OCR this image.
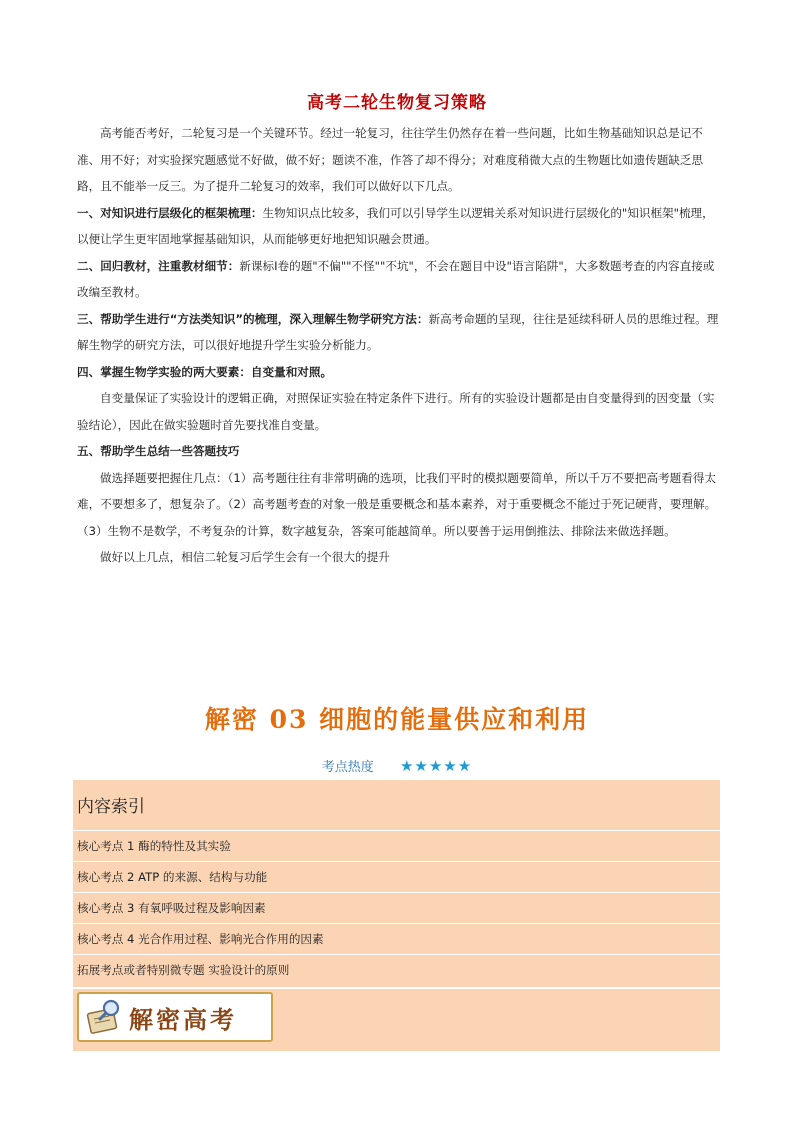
高考二轮生物复习策略

高考能否考好，二轮复习是一个关键环节。经过一轮复习，往往学生仍然存在着一些问题，比如生物基础知识总是记不准、用不好；对实验探究题感觉不好做，做不好；题读不准，作答了却不得分；对难度稍微大点的生物题比如遗传题缺乏思路，且不能举一反三。为了提升二轮复习的效率，我们可以做好以下几点。

一、对知识进行层级化的框架梳理：生物知识点比较多，我们可以引导学生以逻辑关系对知识进行层级化的"知识框架"梳理，以便让学生更牢固地掌握基础知识，从而能够更好地把知识融会贯通。

二、回归教材，注重教材细节：新课标Ⅰ卷的题"不偏""不怪""不坑"，不会在题目中设"语言陷阱"，大多数题考查的内容直接或改编至教材。

三、帮助学生进行“方法类知识”的梳理，深入理解生物学研究方法：新高考命题的呈现，往往是延续科研人员的思维过程。理解生物学的研究方法，可以很好地提升学生实验分析能力。

四、掌握生物学实验的两大要素：自变量和对照。

自变量保证了实验设计的逻辑正确，对照保证实验在特定条件下进行。所有的实验设计题都是由自变量得到的因变量（实验结论），因此在做实验题时首先要找准自变量。

五、帮助学生总结一些答题技巧

做选择题要把握住几点：（1）高考题往往有非常明确的选项，比我们平时的模拟题要简单，所以千万不要把高考题看得太难，不要想多了，想复杂了。（2）高考题考查的对象一般是重要概念和基本素养，对于重要概念不能过于死记硬背，要理解。（3）生物不是数学，不考复杂的计算，数字越复杂，答案可能越简单。所以要善于运用倒推法、排除法来做选择题。

做好以上几点，相信二轮复习后学生会有一个很大的提升

解密 03 细胞的能量供应和利用
考点热度 ★★★★★
内容索引
核心考点 1 酶的特性及其实验
核心考点 2 ATP 的来源、结构与功能
核心考点 3 有氧呼吸过程及影响因素
核心考点 4 光合作用过程、影响光合作用的因素
拓展考点或者特别微专题 实验设计的原则
解密高考
